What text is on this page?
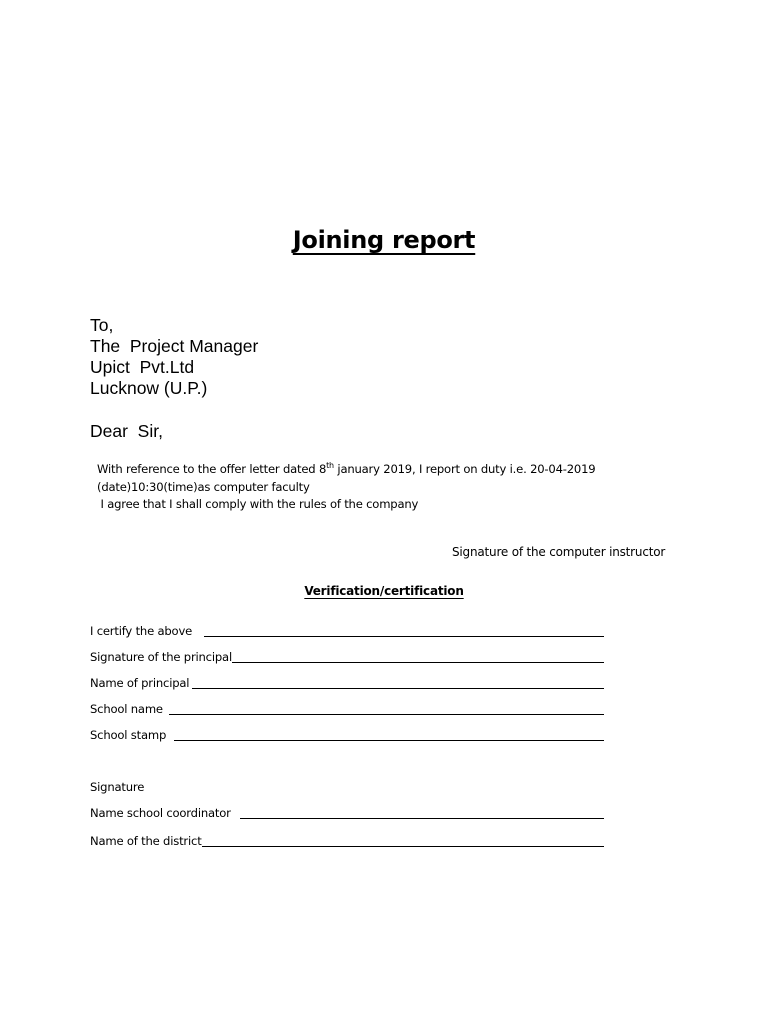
Joining report
To,
The  Project Manager
Upict  Pvt.Ltd
Lucknow (U.P.)
Dear  Sir,
With reference to the offer letter dated 8th january 2019, I report on duty i.e. 20-04-2019
(date)10:30(time)as computer faculty
I agree that I shall comply with the rules of the company
Signature of the computer instructor
Verification/certification
I certify the above
Signature of the principal
Name of principal
School name
School stamp
Signature
Name school coordinator
Name of the district
